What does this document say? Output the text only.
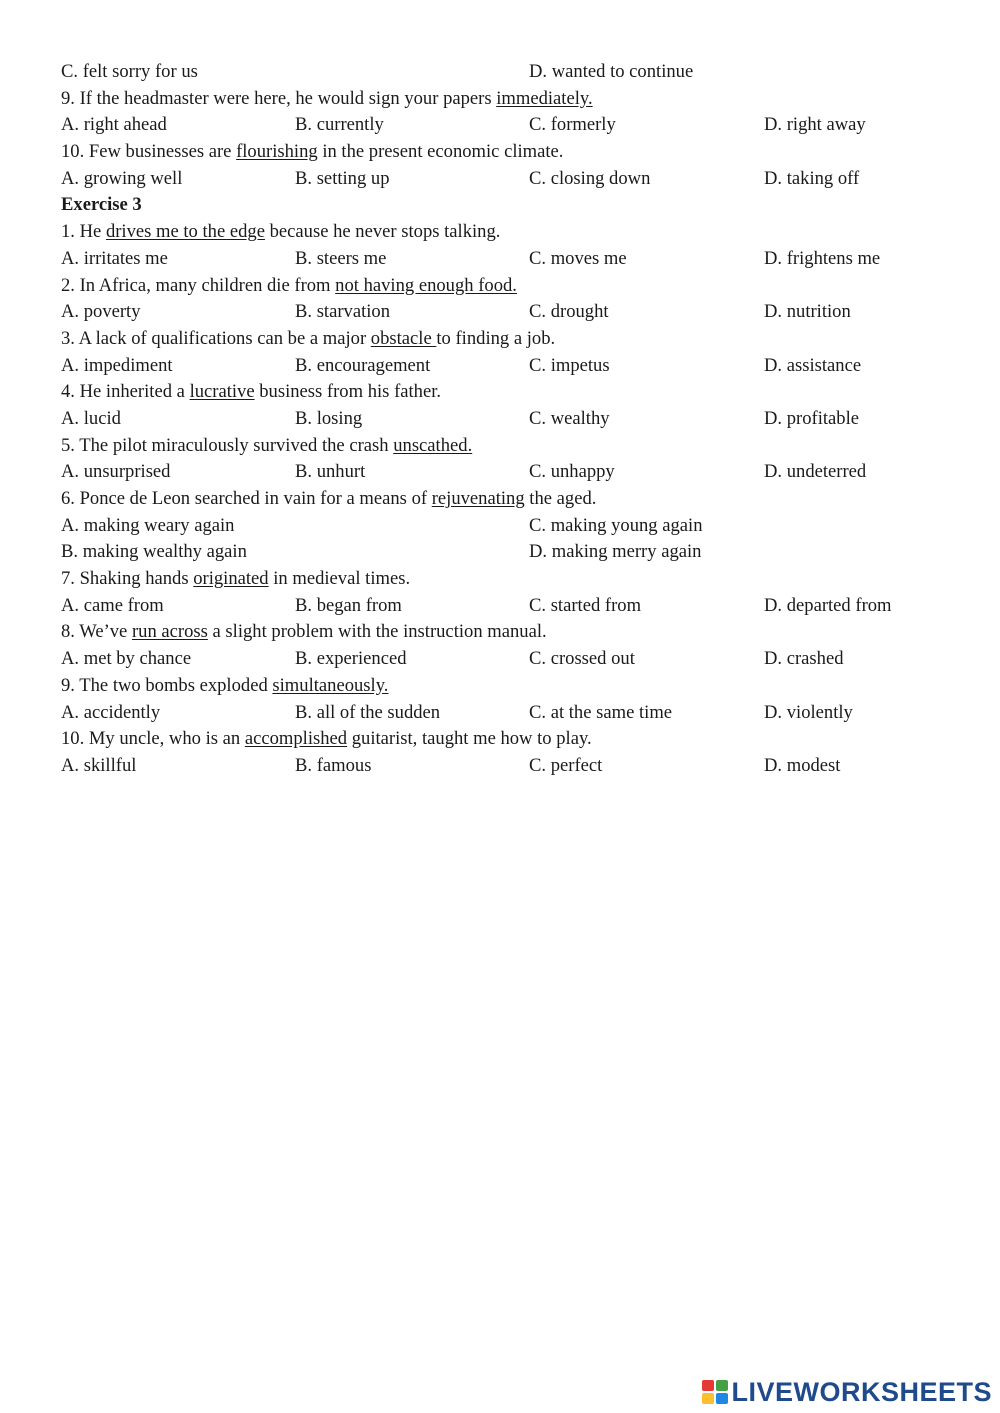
C. felt sorry for us	D. wanted to continue
9. If the headmaster were here, he would sign your papers immediately.
A. right ahead	B. currently	C. formerly	D. right away
10. Few businesses are flourishing in the present economic climate.
A. growing well	B. setting up	C. closing down	D. taking off
Exercise 3
1. He drives me to the edge because he never stops talking.
A. irritates me	B. steers me	C. moves me	D. frightens me
2. In Africa, many children die from not having enough food.
A. poverty	B. starvation	C. drought	D. nutrition
3. A lack of qualifications can be a major obstacle to finding a job.
A. impediment	B. encouragement	C. impetus	D. assistance
4. He inherited a lucrative business from his father.
A. lucid	B. losing	C. wealthy	D. profitable
5. The pilot miraculously survived the crash unscathed.
A. unsurprised	B. unhurt	C. unhappy	D. undeterred
6. Ponce de Leon searched in vain for a means of rejuvenating the aged.
A. making weary again	C. making young again
B. making wealthy again	D. making merry again
7. Shaking hands originated in medieval times.
A. came from	B. began from	C. started from	D. departed from
8. We’ve run across a slight problem with the instruction manual.
A. met by chance	B. experienced	C. crossed out	D. crashed
9. The two bombs exploded simultaneously.
A. accidently	B. all of the sudden	C. at the same time	D. violently
10. My uncle, who is an accomplished guitarist, taught me how to play.
A. skillful	B. famous	C. perfect	D. modest
LIVEWORKSHEETS
